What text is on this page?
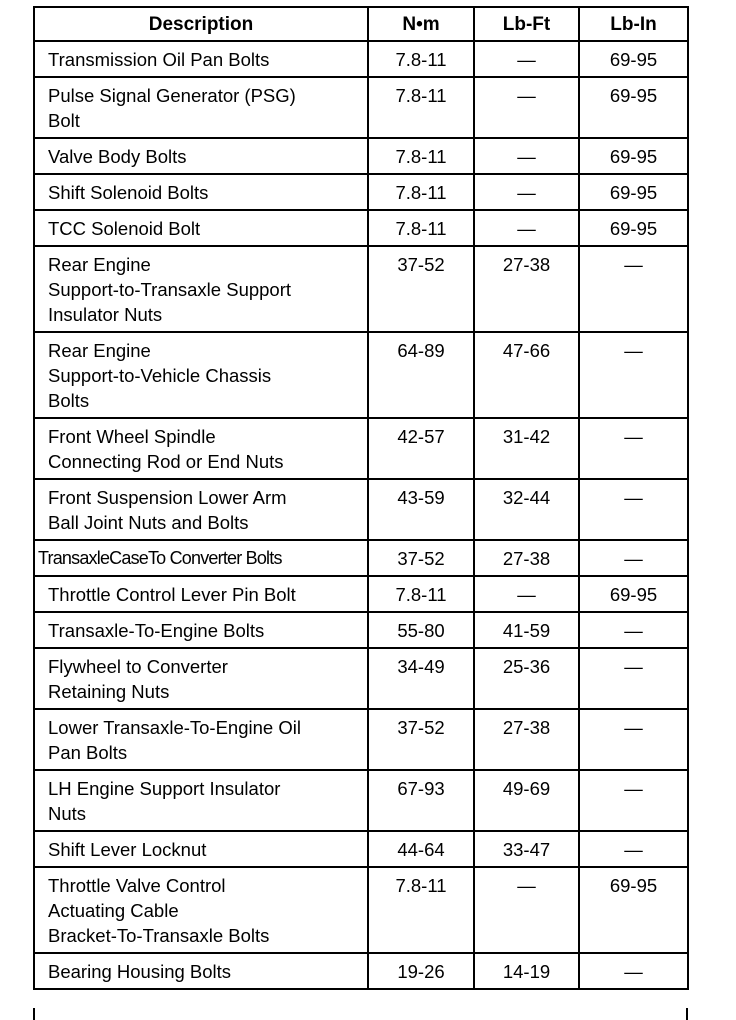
Description	N•m	Lb-Ft	Lb-In
Transmission Oil Pan Bolts	7.8-11	—	69-95
Pulse Signal Generator (PSG)
Bolt	7.8-11	—	69-95
Valve Body Bolts	7.8-11	—	69-95
Shift Solenoid Bolts	7.8-11	—	69-95
TCC Solenoid Bolt	7.8-11	—	69-95
Rear Engine
Support-to-Transaxle Support
Insulator Nuts	37-52	27-38	—
Rear Engine
Support-to-Vehicle Chassis
Bolts	64-89	47-66	—
Front Wheel Spindle
Connecting Rod or End Nuts	42-57	31-42	—
Front Suspension Lower Arm
Ball Joint Nuts and Bolts	43-59	32-44	—
TransaxleCaseTo Converter Bolts	37-52	27-38	—
Throttle Control Lever Pin Bolt	7.8-11	—	69-95
Transaxle-To-Engine Bolts	55-80	41-59	—
Flywheel to Converter
Retaining Nuts	34-49	25-36	—
Lower Transaxle-To-Engine Oil
Pan Bolts	37-52	27-38	—
LH Engine Support Insulator
Nuts	67-93	49-69	—
Shift Lever Locknut	44-64	33-47	—
Throttle Valve Control
Actuating Cable
Bracket-To-Transaxle Bolts	7.8-11	—	69-95
Bearing Housing Bolts	19-26	14-19	—
